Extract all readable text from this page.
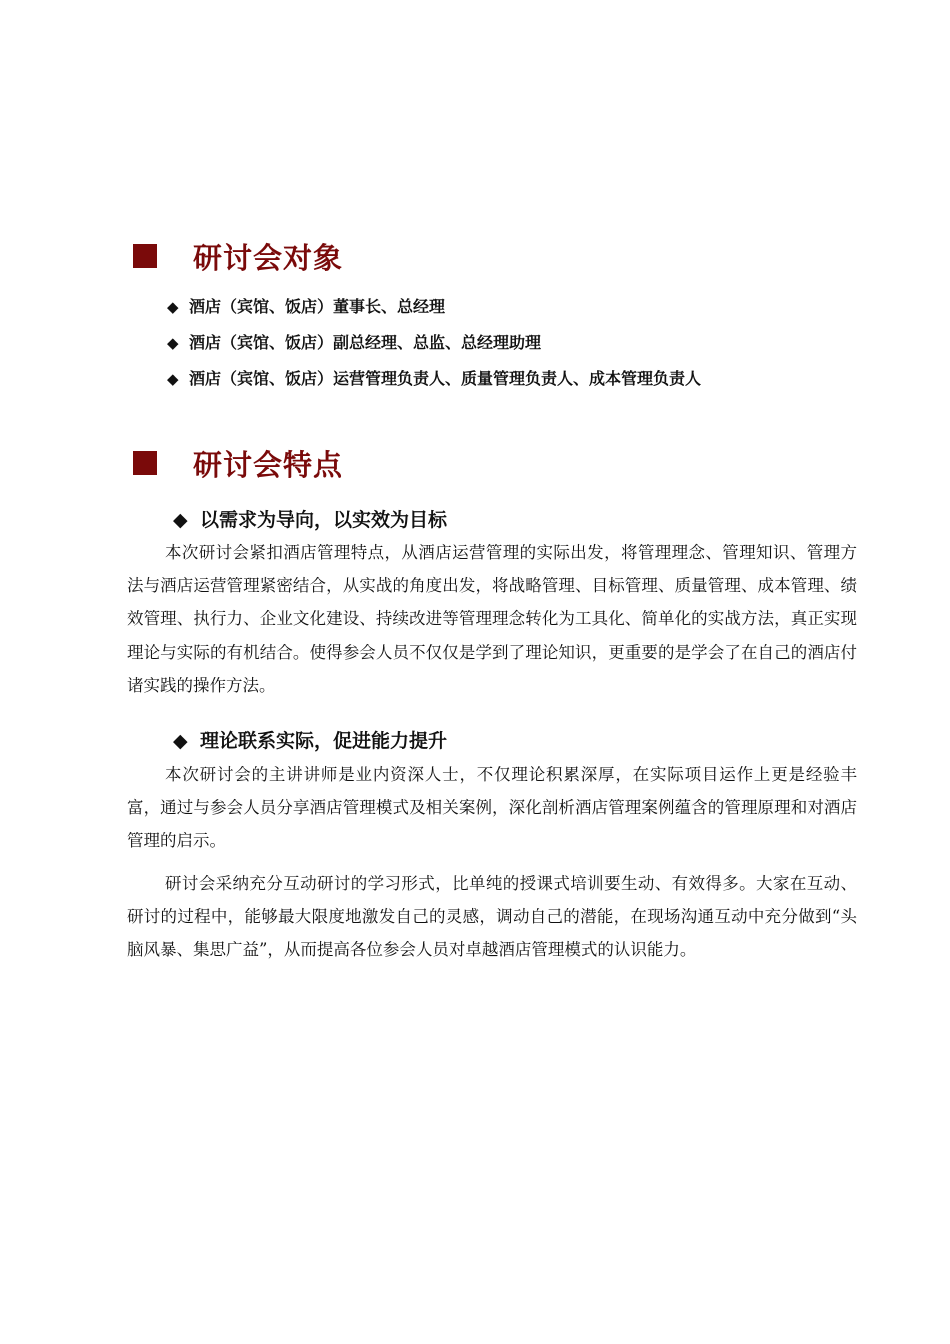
研讨会对象
◆ 酒店（宾馆、饭店）董事长、总经理
◆ 酒店（宾馆、饭店）副总经理、总监、总经理助理
◆ 酒店（宾馆、饭店）运营管理负责人、质量管理负责人、成本管理负责人
研讨会特点
◆ 以需求为导向，以实效为目标

本次研讨会紧扣酒店管理特点，从酒店运营管理的实际出发，将管理理念、管理知识、管理方法与酒店运营管理紧密结合，从实战的角度出发，将战略管理、目标管理、质量管理、成本管理、绩效管理、执行力、企业文化建设、持续改进等管理理念转化为工具化、简单化的实战方法，真正实现理论与实际的有机结合。使得参会人员不仅仅是学到了理论知识，更重要的是学会了在自己的酒店付诸实践的操作方法。

◆ 理论联系实际，促进能力提升

本次研讨会的主讲讲师是业内资深人士，不仅理论积累深厚，在实际项目运作上更是经验丰富，通过与参会人员分享酒店管理模式及相关案例，深化剖析酒店管理案例蕴含的管理原理和对酒店管理的启示。

研讨会采纳充分互动研讨的学习形式，比单纯的授课式培训要生动、有效得多。大家在互动、研讨的过程中，能够最大限度地激发自己的灵感，调动自己的潜能，在现场沟通互动中充分做到“头脑风暴、集思广益”，从而提高各位参会人员对卓越酒店管理模式的认识能力。
